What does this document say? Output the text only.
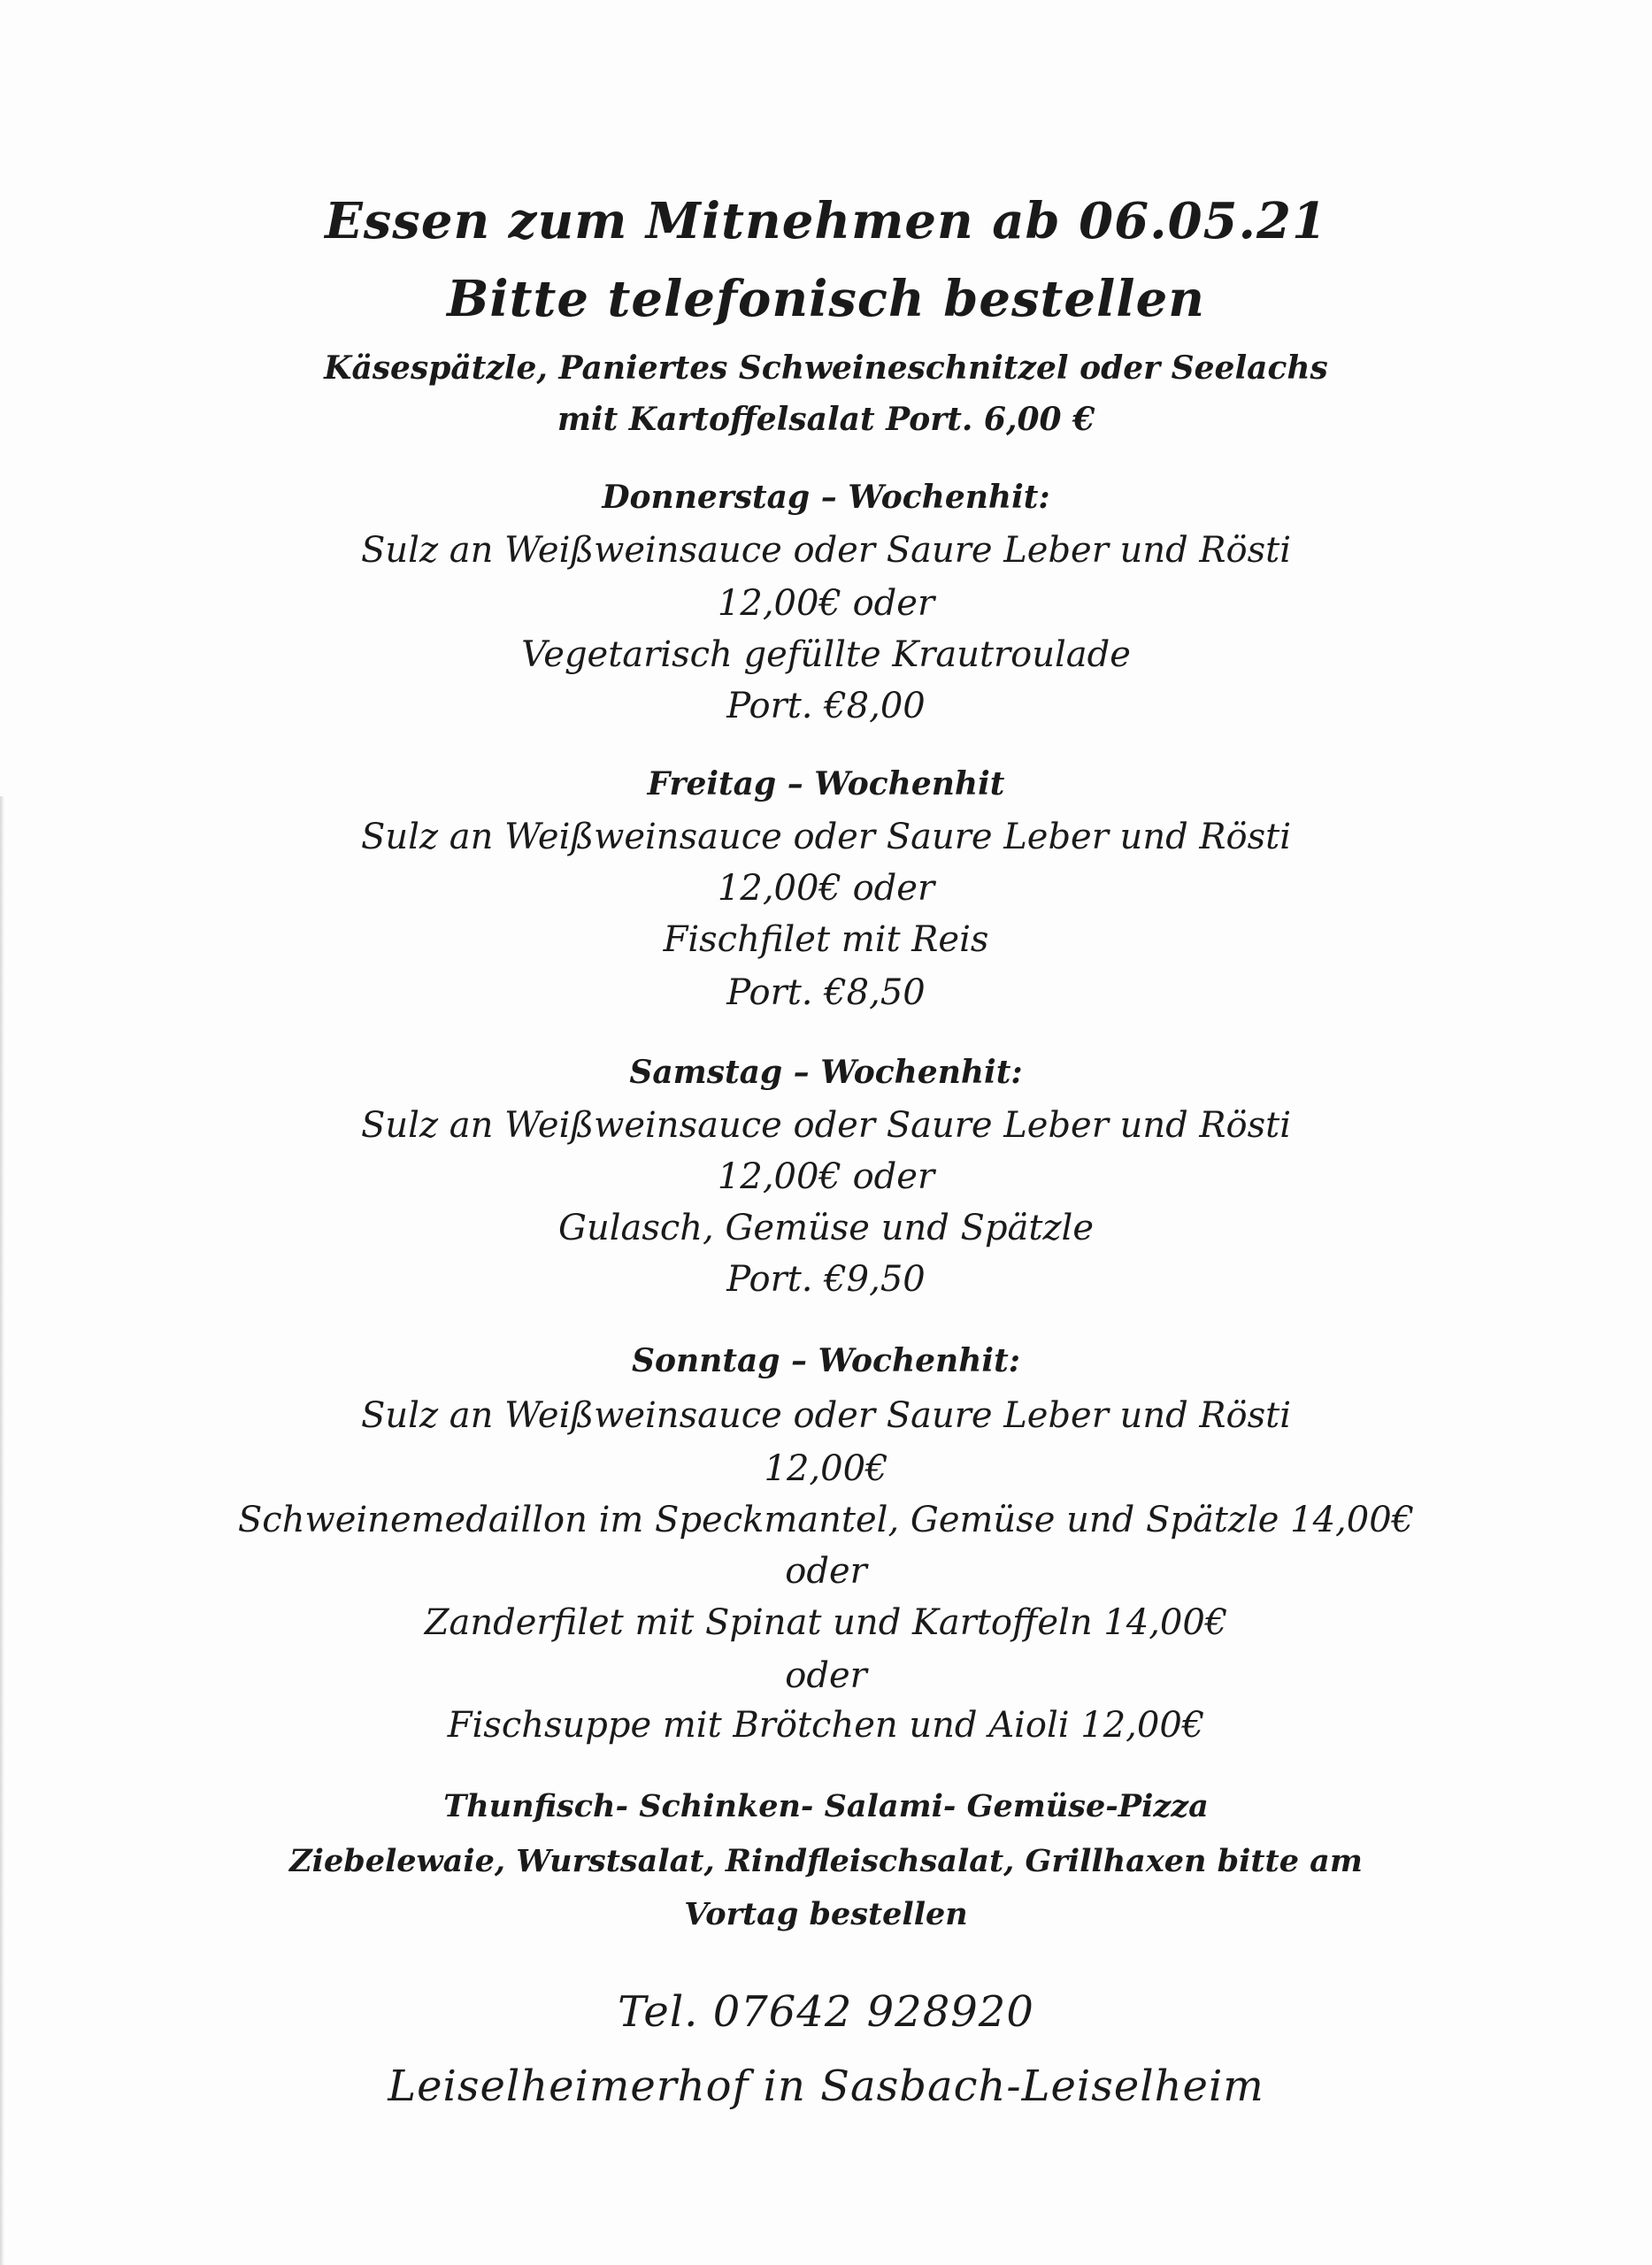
Essen zum Mitnehmen ab 06.05.21
Bitte telefonisch bestellen
Käsespätzle, Paniertes Schweineschnitzel oder Seelachs
mit Kartoffelsalat Port. 6,00 €
Donnerstag – Wochenhit:
Sulz an Weißweinsauce oder Saure Leber und Rösti
12,00€ oder
Vegetarisch gefüllte Krautroulade
Port. €8,00
Freitag – Wochenhit
Sulz an Weißweinsauce oder Saure Leber und Rösti
12,00€ oder
Fischfilet mit Reis
Port. €8,50
Samstag – Wochenhit:
Sulz an Weißweinsauce oder Saure Leber und Rösti
12,00€ oder
Gulasch, Gemüse und Spätzle
Port. €9,50
Sonntag – Wochenhit:
Sulz an Weißweinsauce oder Saure Leber und Rösti
12,00€
Schweinemedaillon im Speckmantel, Gemüse und Spätzle 14,00€
oder
Zanderfilet mit Spinat und Kartoffeln 14,00€
oder
Fischsuppe mit Brötchen und Aioli 12,00€
Thunfisch- Schinken- Salami- Gemüse-Pizza
Ziebelewaie, Wurstsalat, Rindfleischsalat, Grillhaxen bitte am
Vortag bestellen
Tel. 07642 928920
Leiselheimerhof in Sasbach-Leiselheim
